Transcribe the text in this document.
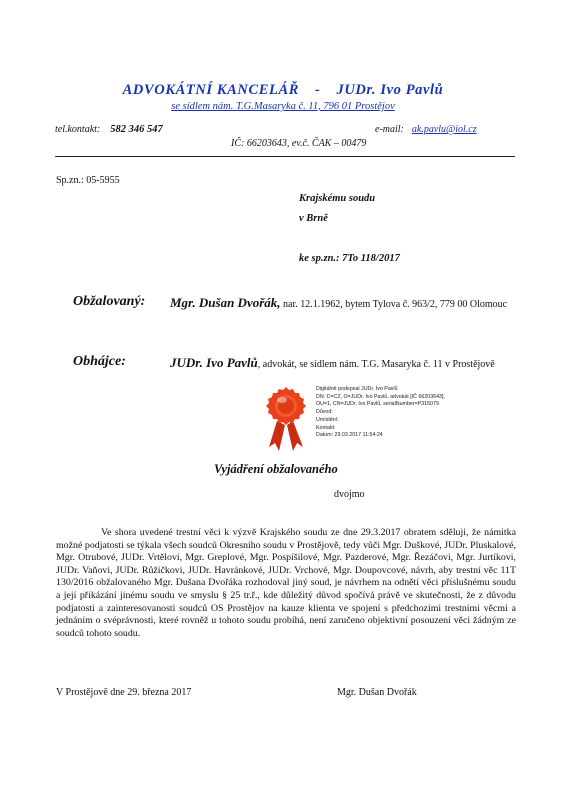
ADVOKÁTNÍ KANCELÁŘ - JUDr. Ivo Pavlů
se sídlem nám. T.G.Masaryka č. 11, 796 01 Prostějov
tel.kontakt: 582 346 547	e-mail: ak.pavlu@iol.cz
IČ: 66203643, ev.č. ČAK – 00479
Sp.zn.: 05-5955
Krajskému soudu
v Brně
ke sp.zn.: 7To 118/2017
Obžalovaný: Mgr. Dušan Dvořák, nar. 12.1.1962, bytem Tylova č. 963/2, 779 00 Olomouc
Obhájce:	JUDr. Ivo Pavlů, advokát, se sídlem nám. T.G. Masaryka č. 11 v Prostějově
Digitálně podepsal JUDr. Ivo Pavlů
DN: C=CZ, O=JUDr. Ivo Pavlů, advokát [IČ 66203643],
OU=1, CN=JUDr. Ivo Pavlů, serialNumber=P315079
Důvod:
Umístění:
Kontakt:
Datum: 29.03.2017 11:54:24
Vyjádření obžalovaného
dvojmo
Ve shora uvedené trestní věci k výzvě Krajského soudu ze dne 29.3.2017 obratem sděluji, že námitka možné podjatosti se týkala všech soudců Okresního soudu v Prostějově, tedy vůči Mgr. Duškové, JUDr. Pluskalové, Mgr. Otrubové, JUDr. Vrtělovi, Mgr. Greplové, Mgr. Pospíšilové, Mgr. Pazderové, Mgr. Řezáčovi, Mgr. Jurtíkovi, JUDr. Vaňovi, JUDr. Růžičkovi, JUDr. Havránkové, JUDr. Vrchové, Mgr. Doupovcové, návrh, aby trestní věc 11T 130/2016 obžalovaného Mgr. Dušana Dvořáka rozhodoval jiný soud, je návrhem na odnětí věci příslušnému soudu a její přikázání jinému soudu ve smyslu § 25 tr.ř., kde důležitý důvod spočívá právě ve skutečnosti, že z důvodu podjatosti a zainteresovanosti soudců OS Prostějov na kauze klienta ve spojení s předchozími trestními věcmi a jednáním o svéprávnosti, které rovněž u tohoto soudu probíhá, není zaručeno objektivní posouzení věci žádným ze soudců tohoto soudu.
V Prostějově dne 29. března 2017	Mgr. Dušan Dvořák
